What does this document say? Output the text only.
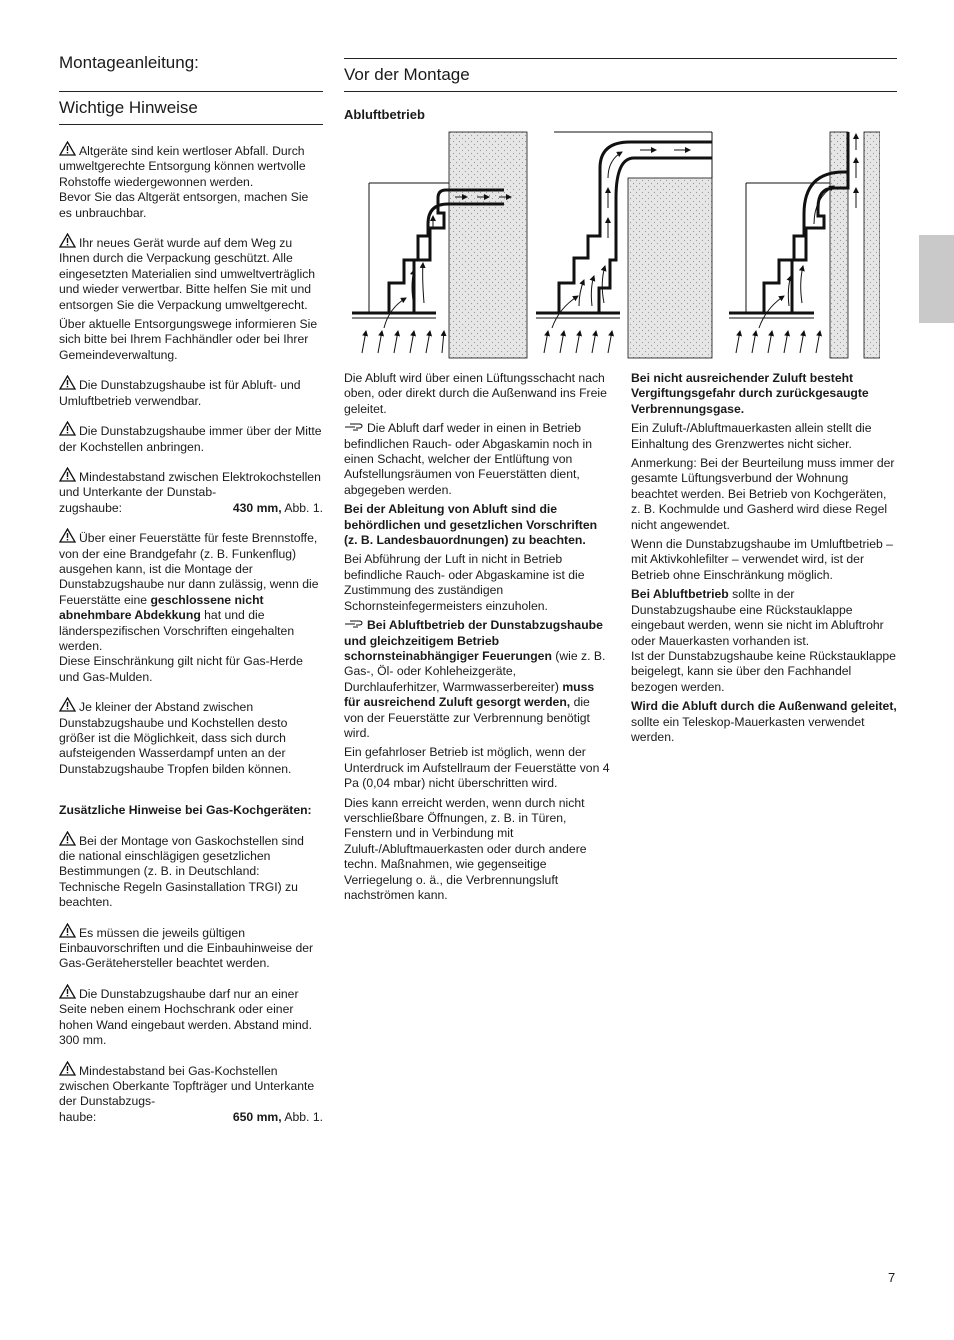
Montageanleitung:
Wichtige Hinweise

Altgeräte sind kein wertloser Abfall. Durch umweltgerechte Entsorgung können wertvolle Rohstoffe wiedergewonnen werden.

Bevor Sie das Altgerät entsorgen, machen Sie es unbrauchbar.

Ihr neues Gerät wurde auf dem Weg zu Ihnen durch die Verpackung geschützt. Alle eingesetzten Materialien sind umweltverträglich und wieder verwertbar. Bitte helfen Sie mit und entsorgen Sie die Verpackung umweltgerecht.

Über aktuelle Entsorgungswege informieren Sie sich bitte bei Ihrem Fachhändler oder bei Ihrer Gemeindeverwaltung.

Die Dunstabzugshaube ist für Abluft- und Umluftbetrieb verwendbar.

Die Dunstabzugshaube immer über der Mitte der Kochstellen anbringen.

Mindestabstand zwischen Elektrokochstellen und Unterkante der Dunstab-

zugshaube:	430 mm, Abb. 1.

Über einer Feuerstätte für feste Brennstoffe, von der eine Brandgefahr (z. B. Funkenflug) ausgehen kann, ist die Montage der Dunstabzugshaube nur dann zulässig, wenn die Feuerstätte eine geschlossene nicht abnehmbare Abdekkung hat und die länderspezifischen Vorschriften eingehalten werden.

Diese Einschränkung gilt nicht für Gas-Herde und Gas-Mulden.

Je kleiner der Abstand zwischen Dunstabzugshaube und Kochstellen desto größer ist die Möglichkeit, dass sich durch aufsteigenden Wasserdampf unten an der Dunstabzugshaube Tropfen bilden können.

Zusätzliche Hinweise bei Gas-Kochgeräten:

Bei der Montage von Gaskochstellen sind die national einschlägigen gesetzlichen Bestimmungen (z. B. in Deutschland: Technische Regeln Gasinstallation TRGI) zu beachten.

Es müssen die jeweils gültigen Einbauvorschriften und die Einbauhinweise der Gas-Gerätehersteller beachtet werden.

Die Dunstabzugshaube darf nur an einer Seite neben einem Hochschrank oder einer hohen Wand eingebaut werden. Abstand mind. 300 mm.

Mindestabstand bei Gas-Kochstellen zwischen Oberkante Topfträger und Unterkante der Dunstabzugs-

haube:	650 mm, Abb. 1.

Vor der Montage

Abluftbetrieb

Die Abluft wird über einen Lüftungsschacht nach oben, oder direkt durch die Außenwand ins Freie geleitet.

Die Abluft darf weder in einen in Betrieb befindlichen Rauch- oder Abgaskamin noch in einen Schacht, welcher der Entlüftung von Aufstellungsräumen von Feuerstätten dient, abgegeben werden.

Bei der Ableitung von Abluft sind die behördlichen und gesetzlichen Vorschriften (z. B. Landesbauordnungen) zu beachten.

Bei Abführung der Luft in nicht in Betrieb befindliche Rauch- oder Abgaskamine ist die Zustimmung des zuständigen Schornsteinfegermeisters einzuholen.

Bei Abluftbetrieb der Dunstabzugshaube und gleichzeitigem Betrieb schornsteinabhängiger Feuerungen (wie z. B. Gas-, Öl- oder Kohleheizgeräte, Durchlauferhitzer, Warmwasserbereiter) muss für ausreichend Zuluft gesorgt werden, die von der Feuerstätte zur Verbrennung benötigt wird.

Ein gefahrloser Betrieb ist möglich, wenn der Unterdruck im Aufstellraum der Feuerstätte von 4 Pa (0,04 mbar) nicht überschritten wird.

Dies kann erreicht werden, wenn durch nicht verschließbare Öffnungen, z. B. in Türen, Fenstern und in Verbindung mit Zuluft-/Abluftmauerkasten oder durch andere techn. Maßnahmen, wie gegenseitige Verriegelung o. ä., die Verbrennungsluft nachströmen kann.

Bei nicht ausreichender Zuluft besteht Vergiftungsgefahr durch zurückgesaugte Verbrennungsgase.

Ein Zuluft-/Abluftmauerkasten allein stellt die Einhaltung des Grenzwertes nicht sicher.

Anmerkung: Bei der Beurteilung muss immer der gesamte Lüftungsverbund der Wohnung beachtet werden. Bei Betrieb von Kochgeräten, z. B. Kochmulde und Gasherd wird diese Regel nicht angewendet.

Wenn die Dunstabzugshaube im Umluftbetrieb – mit Aktivkohlefilter – verwendet wird, ist der Betrieb ohne Einschränkung möglich.

Bei Abluftbetrieb sollte in der Dunstabzugshaube eine Rückstauklappe eingebaut werden, wenn sie nicht im Abluftrohr oder Mauerkasten vorhanden ist.

Ist der Dunstabzugshaube keine Rückstauklappe beigelegt, kann sie über den Fachhandel bezogen werden.

Wird die Abluft durch die Außenwand geleitet, sollte ein Teleskop-Mauerkasten verwendet werden.

7
